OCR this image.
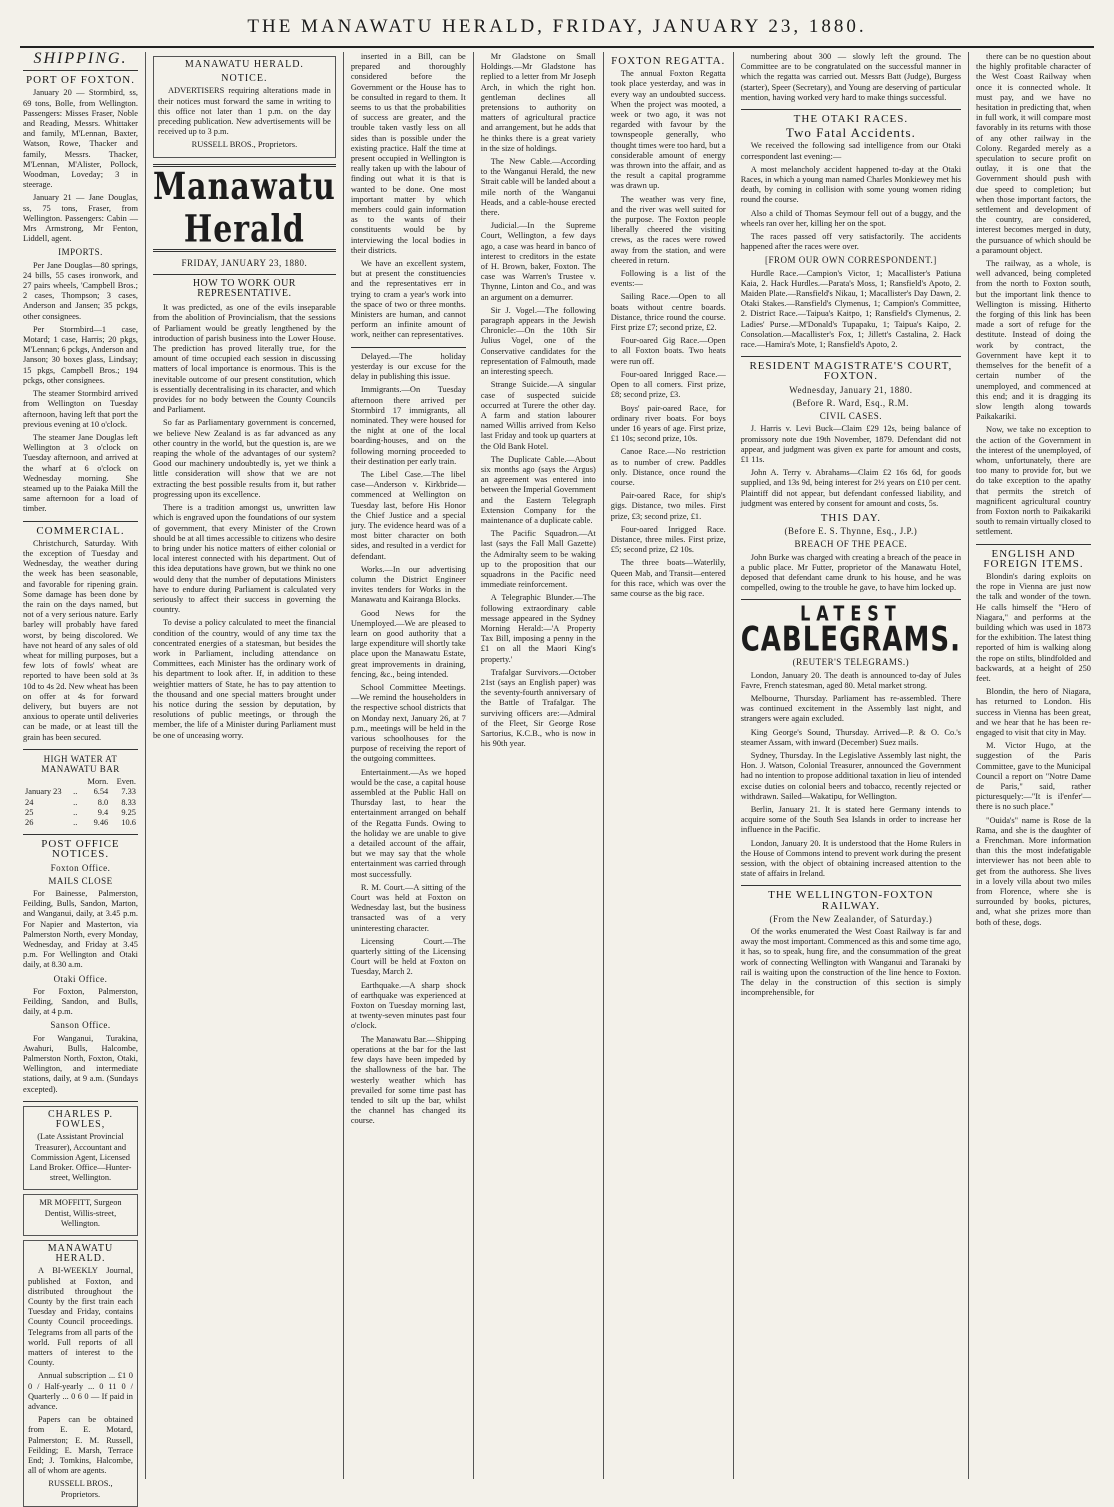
THE MANAWATU HERALD, FRIDAY, JANUARY 23, 1880.
SHIPPING.
PORT OF FOXTON.

January 20 — Stormbird, ss, 69 tons, Bolle, from Wellington. Passengers: Misses Fraser, Noble and Reading, Messrs. Whittaker and family, M'Lennan, Baxter, Watson, Rowe, Thacker and family, Messrs. Thacker, M'Lennan, M'Alister, Pollock, Woodman, Loveday; 3 in steerage.

January 21 — Jane Douglas, ss, 75 tons, Fraser, from Wellington. Passengers: Cabin — Mrs Armstrong, Mr Fenton, Liddell, agent.

IMPORTS.

Per Jane Douglas—80 springs, 24 bills, 55 cases ironwork, and 27 pairs wheels, 'Campbell Bros.; 2 cases, Thompson; 3 cases, Anderson and Jansen; 35 pckgs, other consignees.

Per Stormbird—1 case, Motard; 1 case, Harris; 20 pkgs, M'Lennan; 6 pckgs, Anderson and Janson; 30 boxes glass, Lindsay; 15 pkgs, Campbell Bros.; 194 pckgs, other consignees.

The steamer Stormbird arrived from Wellington on Tuesday afternoon, having left that port the previous evening at 10 o'clock.

The steamer Jane Douglas left Wellington at 3 o'clock on Tuesday afternoon, and arrived at the wharf at 6 o'clock on Wednesday morning. She steamed up to the Paiaka Mill the same afternoon for a load of timber.

COMMERCIAL.

Christchurch, Saturday. With the exception of Tuesday and Wednesday, the weather during the week has been seasonable, and favorable for ripening grain. Some damage has been done by the rain on the days named, but not of a very serious nature. Early barley will probably have fared worst, by being discolored. We have not heard of any sales of old wheat for milling purposes, but a few lots of fowls' wheat are reported to have been sold at 3s 10d to 4s 2d. New wheat has been on offer at 4s for forward delivery, but buyers are not anxious to operate until deliveries can be made, or at least till the grain has been secured.

HIGH WATER AT MANAWATU BAR
		Morn.	Even.
January 23	..	6.54	7.33
24	..	8.0	8.33
25	..	9.4	9.25
26	..	9.46	10.6
POST OFFICE NOTICES.
Foxton Office.
MAILS CLOSE

For Bainesse, Palmerston, Feilding, Bulls, Sandon, Marton, and Wanganui, daily, at 3.45 p.m. For Napier and Masterton, via Palmerston North, every Monday, Wednesday, and Friday at 3.45 p.m. For Wellington and Otaki daily, at 8.30 a.m.

Otaki Office.

For Foxton, Palmerston, Feilding, Sandon, and Bulls, daily, at 4 p.m.

Sanson Office.

For Wanganui, Turakina, Awahuri, Bulls, Halcombe, Palmerston North, Foxton, Otaki, Wellington, and intermediate stations, daily, at 9 a.m. (Sundays excepted).

CHARLES P. FOWLES,

(Late Assistant Provincial Treasurer), Accountant and Commission Agent, Licensed Land Broker. Office—Hunter-street, Wellington.

MR MOFFITT, Surgeon Dentist, Willis-street, Wellington.

MANAWATU HERALD.

A BI-WEEKLY Journal, published at Foxton, and distributed throughout the County by the first train each Tuesday and Friday, contains County Council proceedings. Telegrams from all parts of the world. Full reports of all matters of interest to the County.

Annual subscription ... £1 0 0 / Half-yearly ... 0 11 0 / Quarterly ... 0 6 0 — If paid in advance.

Papers can be obtained from E. E. Motard, Palmerston; E. M. Russell, Feilding; E. Marsh, Terrace End; J. Tomkins, Halcombe, all of whom are agents.

RUSSELL BROS., Proprietors.

MANAWATU HERALD.
NOTICE.

ADVERTISERS requiring alterations made in their notices must forward the same in writing to this office not later than 1 p.m. on the day preceding publication. New advertisements will be received up to 3 p.m.

RUSSELL BROS., Proprietors.

Manawatu Herald
FRIDAY, JANUARY 23, 1880.
HOW TO WORK OUR REPRESENTATIVE.

It was predicted, as one of the evils inseparable from the abolition of Provincialism, that the sessions of Parliament would be greatly lengthened by the introduction of parish business into the Lower House. The prediction has proved literally true, for the amount of time occupied each session in discussing matters of local importance is enormous. This is the inevitable outcome of our present constitution, which is essentially decentralising in its character, and which provides for no body between the County Councils and Parliament.

So far as Parliamentary government is concerned, we believe New Zealand is as far advanced as any other country in the world, but the question is, are we reaping the whole of the advantages of our system? Good our machinery undoubtedly is, yet we think a little consideration will show that we are not extracting the best possible results from it, but rather progressing upon its excellence.

There is a tradition amongst us, unwritten law which is engraved upon the foundations of our system of government, that every Minister of the Crown should be at all times accessible to citizens who desire to bring under his notice matters of either colonial or local interest connected with his department. Out of this idea deputations have grown, but we think no one would deny that the number of deputations Ministers have to endure during Parliament is calculated very seriously to affect their success in governing the country.

To devise a policy calculated to meet the financial condition of the country, would of any time tax the concentrated energies of a statesman, but besides the work in Parliament, including attendance on Committees, each Minister has the ordinary work of his department to look after. If, in addition to these weightier matters of State, he has to pay attention to the thousand and one special matters brought under his notice during the session by deputation, by resolutions of public meetings, or through the member, the life of a Minister during Parliament must be one of unceasing worry.

inserted in a Bill, can be prepared and thoroughly considered before the Government or the House has to be consulted in regard to them. It seems to us that the probabilities of success are greater, and the trouble taken vastly less on all sides than is possible under the existing practice. Half the time at present occupied in Wellington is really taken up with the labour of finding out what it is that is wanted to be done. One most important matter by which members could gain information as to the wants of their constituents would be by interviewing the local bodies in their districts.

We have an excellent system, but at present the constituencies and the representatives err in trying to cram a year's work into the space of two or three months. Ministers are human, and cannot perform an infinite amount of work, neither can representatives.

Delayed.—The holiday yesterday is our excuse for the delay in publishing this issue.

Immigrants.—On Tuesday afternoon there arrived per Stormbird 17 immigrants, all nominated. They were housed for the night at one of the local boarding-houses, and on the following morning proceeded to their destination per early train.

The Libel Case.—The libel case—Anderson v. Kirkbride—commenced at Wellington on Tuesday last, before His Honor the Chief Justice and a special jury. The evidence heard was of a most bitter character on both sides, and resulted in a verdict for defendant.

Works.—In our advertising column the District Engineer invites tenders for Works in the Manawatu and Kairanga Blocks.

Good News for the Unemployed.—We are pleased to learn on good authority that a large expenditure will shortly take place upon the Manawatu Estate, great improvements in draining, fencing, &c., being intended.

School Committee Meetings.—We remind the householders in the respective school districts that on Monday next, January 26, at 7 p.m., meetings will be held in the various schoolhouses for the purpose of receiving the report of the outgoing committees.

Entertainment.—As we hoped would be the case, a capital house assembled at the Public Hall on Thursday last, to hear the entertainment arranged on behalf of the Regatta Funds. Owing to the holiday we are unable to give a detailed account of the affair, but we may say that the whole entertainment was carried through most successfully.

R. M. Court.—A sitting of the Court was held at Foxton on Wednesday last, but the business transacted was of a very uninteresting character.

Licensing Court.—The quarterly sitting of the Licensing Court will be held at Foxton on Tuesday, March 2.

Earthquake.—A sharp shock of earthquake was experienced at Foxton on Tuesday morning last, at twenty-seven minutes past four o'clock.

The Manawatu Bar.—Shipping operations at the bar for the last few days have been impeded by the shallowness of the bar. The westerly weather which has prevailed for some time past has tended to silt up the bar, whilst the channel has changed its course.

Mr Gladstone on Small Holdings.—Mr Gladstone has replied to a letter from Mr Joseph Arch, in which the right hon. gentleman declines all pretensions to authority on matters of agricultural practice and arrangement, but he adds that he thinks there is a great variety in the size of holdings.

The New Cable.—According to the Wanganui Herald, the new Strait cable will be landed about a mile north of the Wanganui Heads, and a cable-house erected there.

Judicial.—In the Supreme Court, Wellington, a few days ago, a case was heard in banco of interest to creditors in the estate of H. Brown, baker, Foxton. The case was Warren's Trustee v. Thynne, Linton and Co., and was an argument on a demurrer.

Sir J. Vogel.—The following paragraph appears in the Jewish Chronicle:—On the 10th Sir Julius Vogel, one of the Conservative candidates for the representation of Falmouth, made an interesting speech.

Strange Suicide.—A singular case of suspected suicide occurred at Turere the other day. A farm and station labourer named Willis arrived from Kelso last Friday and took up quarters at the Old Bank Hotel.

The Duplicate Cable.—About six months ago (says the Argus) an agreement was entered into between the Imperial Government and the Eastern Telegraph Extension Company for the maintenance of a duplicate cable.

The Pacific Squadron.—At last (says the Fall Mall Gazette) the Admiralty seem to be waking up to the proposition that our squadrons in the Pacific need immediate reinforcement.

A Telegraphic Blunder.—The following extraordinary cable message appeared in the Sydney Morning Herald:—'A Property Tax Bill, imposing a penny in the £1 on all the Maori King's property.'

Trafalgar Survivors.—October 21st (says an English paper) was the seventy-fourth anniversary of the Battle of Trafalgar. The surviving officers are:—Admiral of the Fleet, Sir George Rose Sartorius, K.C.B., who is now in his 90th year.

FOXTON REGATTA.

The annual Foxton Regatta took place yesterday, and was in every way an undoubted success. When the project was mooted, a week or two ago, it was not regarded with favour by the townspeople generally, who thought times were too hard, but a considerable amount of energy was thrown into the affair, and as the result a capital programme was drawn up.

The weather was very fine, and the river was well suited for the purpose. The Foxton people liberally cheered the visiting crews, as the races were rowed away from the station, and were cheered in return.

Following is a list of the events:—

Sailing Race.—Open to all boats without centre boards. Distance, thrice round the course. First prize £7; second prize, £2.

Four-oared Gig Race.—Open to all Foxton boats. Two heats were run off.

Four-oared Inrigged Race.—Open to all comers. First prize, £8; second prize, £3.

Boys' pair-oared Race, for ordinary river boats. For boys under 16 years of age. First prize, £1 10s; second prize, 10s.

Canoe Race.—No restriction as to number of crew. Paddles only. Distance, once round the course.

Pair-oared Race, for ship's gigs. Distance, two miles. First prize, £3; second prize, £1.

Four-oared Inrigged Race. Distance, three miles. First prize, £5; second prize, £2 10s.

The three boats—Waterlily, Queen Mab, and Transit—entered for this race, which was over the same course as the big race.

numbering about 300 — slowly left the ground. The Committee are to be congratulated on the successful manner in which the regatta was carried out. Messrs Batt (Judge), Burgess (starter), Speer (Secretary), and Young are deserving of particular mention, having worked very hard to make things successful.

THE OTAKI RACES.
Two Fatal Accidents.

We received the following sad intelligence from our Otaki correspondent last evening:—

A most melancholy accident happened to-day at the Otaki Races, in which a young man named Charles Monkiewey met his death, by coming in collision with some young women riding round the course.

Also a child of Thomas Seymour fell out of a buggy, and the wheels ran over her, killing her on the spot.

The races passed off very satisfactorily. The accidents happened after the races were over.

[FROM OUR OWN CORRESPONDENT.]

Hurdle Race.—Campion's Victor, 1; Macallister's Patiuna Kaia, 2. Hack Hurdles.—Parata's Moss, 1; Ransfield's Apoto, 2. Maiden Plate.—Ransfield's Nikau, 1; Macallister's Day Dawn, 2. Otaki Stakes.—Ransfield's Clymenus, 1; Campion's Committee, 2. District Race.—Taipua's Kaitpo, 1; Ransfield's Clymenus, 2. Ladies' Purse.—M'Donald's Tupapaku, 1; Taipua's Kaipo, 2. Consolation.—Macallister's Fox, 1; Jillett's Castalina, 2. Hack race.—Hamira's Mote, 1; Ransfield's Apoto, 2.

RESIDENT MAGISTRATE'S COURT, FOXTON.
Wednesday, January 21, 1880.
(Before R. Ward, Esq., R.M.
CIVIL CASES.

J. Harris v. Levi Buck—Claim £29 12s, being balance of promissory note due 19th November, 1879. Defendant did not appear, and judgment was given ex parte for amount and costs, £1 11s.

John A. Terry v. Abrahams—Claim £2 16s 6d, for goods supplied, and 13s 9d, being interest for 2½ years on £10 per cent. Plaintiff did not appear, but defendant confessed liability, and judgment was entered by consent for amount and costs, 5s.

THIS DAY.
(Before E. S. Thynne, Esq., J.P.)
BREACH OF THE PEACE.

John Burke was charged with creating a breach of the peace in a public place. Mr Futter, proprietor of the Manawatu Hotel, deposed that defendant came drunk to his house, and he was compelled, owing to the trouble he gave, to have him locked up.

LATEST
CABLEGRAMS.
(REUTER'S TELEGRAMS.)

London, January 20. The death is announced to-day of Jules Favre, French statesman, aged 80. Metal market strong.

Melbourne, Thursday. Parliament has re-assembled. There was continued excitement in the Assembly last night, and strangers were again excluded.

King George's Sound, Thursday. Arrived—P. & O. Co.'s steamer Assam, with inward (December) Suez mails.

Sydney, Thursday. In the Legislative Assembly last night, the Hon. J. Watson, Colonial Treasurer, announced the Government had no intention to propose additional taxation in lieu of intended excise duties on colonial beers and tobacco, recently rejected or withdrawn. Sailed—Wakatipu, for Wellington.

Berlin, January 21. It is stated here Germany intends to acquire some of the South Sea Islands in order to increase her influence in the Pacific.

London, January 20. It is understood that the Home Rulers in the House of Commons intend to prevent work during the present session, with the object of obtaining increased attention to the state of affairs in Ireland.

THE WELLINGTON-FOXTON RAILWAY.
(From the New Zealander, of Saturday.)

Of the works enumerated the West Coast Railway is far and away the most important. Commenced as this and some time ago, it has, so to speak, hung fire, and the consummation of the great work of connecting Wellington with Wanganui and Taranaki by rail is waiting upon the construction of the line hence to Foxton. The delay in the construction of this section is simply incomprehensible, for

there can be no question about the highly profitable character of the West Coast Railway when once it is connected whole. It must pay, and we have no hesitation in predicting that, when in full work, it will compare most favorably in its returns with those of any other railway in the Colony. Regarded merely as a speculation to secure profit on outlay, it is one that the Government should push with due speed to completion; but when those important factors, the settlement and development of the country, are considered, interest becomes merged in duty, the pursuance of which should be a paramount object.

The railway, as a whole, is well advanced, being completed from the north to Foxton south, but the important link thence to Wellington is missing. Hitherto the forging of this link has been made a sort of refuge for the destitute. Instead of doing the work by contract, the Government have kept it to themselves for the benefit of a certain number of the unemployed, and commenced at this end; and it is dragging its slow length along towards Paikakariki.

Now, we take no exception to the action of the Government in the interest of the unemployed, of whom, unfortunately, there are too many to provide for, but we do take exception to the apathy that permits the stretch of magnificent agricultural country from Foxton north to Paikakariki south to remain virtually closed to settlement.

ENGLISH AND FOREIGN ITEMS.

Blondin's daring exploits on the rope in Vienna are just now the talk and wonder of the town. He calls himself the "Hero of Niagara," and performs at the building which was used in 1873 for the exhibition. The latest thing reported of him is walking along the rope on stilts, blindfolded and backwards, at a height of 250 feet.

Blondin, the hero of Niagara, has returned to London. His success in Vienna has been great, and we hear that he has been re-engaged to visit that city in May.

M. Victor Hugo, at the suggestion of the Paris Committee, gave to the Municipal Council a report on "Notre Dame de Paris," said, rather picturesquely:—"It is il'enfer'—there is no such place."

"Ouida's" name is Rose de la Rama, and she is the daughter of a Frenchman. More information than this the most indefatigable interviewer has not been able to get from the authoress. She lives in a lovely villa about two miles from Florence, where she is surrounded by books, pictures, and, what she prizes more than both of these, dogs.
